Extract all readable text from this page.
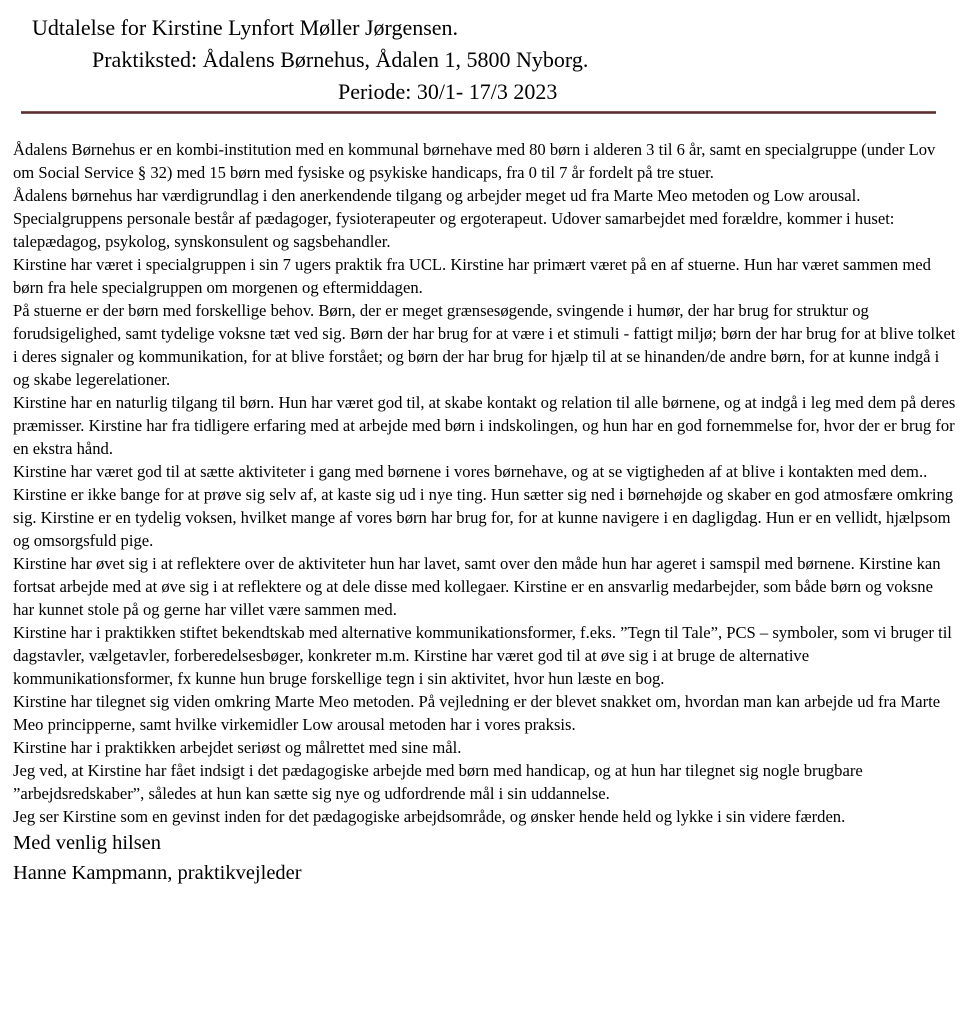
Udtalelse for Kirstine Lynfort Møller Jørgensen.
Praktiksted: Ådalens Børnehus, Ådalen 1, 5800 Nyborg.
Periode: 30/1- 17/3 2023

Ådalens Børnehus er en kombi-institution med en kommunal børnehave med 80 børn i alderen 3 til 6 år, samt en specialgruppe (under Lov om Social Service § 32) med 15 børn med fysiske og psykiske handicaps, fra 0 til 7 år fordelt på tre stuer.

Ådalens børnehus har værdigrundlag i den anerkendende tilgang og arbejder meget ud fra Marte Meo metoden og Low arousal.

Specialgruppens personale består af pædagoger, fysioterapeuter og ergoterapeut. Udover samarbejdet med forældre, kommer i huset: talepædagog, psykolog, synskonsulent og sagsbehandler.

Kirstine har været i specialgruppen i sin 7 ugers praktik fra UCL. Kirstine har primært været på en af stuerne. Hun har været sammen med børn fra hele specialgruppen om morgenen og eftermiddagen.

På stuerne er der børn med forskellige behov. Børn, der er meget grænsesøgende, svingende i humør, der har brug for struktur og forudsigelighed, samt tydelige voksne tæt ved sig. Børn der har brug for at være i et stimuli - fattigt miljø; børn der har brug for at blive tolket i deres signaler og kommunikation, for at blive forstået; og børn der har brug for hjælp til at se hinanden/de andre børn, for at kunne indgå i og skabe legerelationer.

Kirstine har en naturlig tilgang til børn. Hun har været god til, at skabe kontakt og relation til alle børnene, og at indgå i leg med dem på deres præmisser. Kirstine har fra tidligere erfaring med at arbejde med børn i indskolingen, og hun har en god fornemmelse for, hvor der er brug for en ekstra hånd.

Kirstine har været god til at sætte aktiviteter i gang med børnene i vores børnehave, og at se vigtigheden af at blive i kontakten med dem..

Kirstine er ikke bange for at prøve sig selv af, at kaste sig ud i nye ting. Hun sætter sig ned i børnehøjde og skaber en god atmosfære omkring sig. Kirstine er en tydelig voksen, hvilket mange af vores børn har brug for, for at kunne navigere i en dagligdag. Hun er en vellidt, hjælpsom og omsorgsfuld pige.

Kirstine har øvet sig i at reflektere over de aktiviteter hun har lavet, samt over den måde hun har ageret i samspil med børnene. Kirstine kan fortsat arbejde med at øve sig i at reflektere og at dele disse med kollegaer. Kirstine er en ansvarlig medarbejder, som både børn og voksne har kunnet stole på og gerne har villet være sammen med.

Kirstine har i praktikken stiftet bekendtskab med alternative kommunikationsformer, f.eks. ”Tegn til Tale”, PCS – symboler, som vi bruger til dagstavler, vælgetavler, forberedelsesbøger, konkreter m.m. Kirstine har været god til at øve sig i at bruge de alternative kommunikationsformer, fx kunne hun bruge forskellige tegn i sin aktivitet, hvor hun læste en bog.

Kirstine har tilegnet sig viden omkring Marte Meo metoden. På vejledning er der blevet snakket om, hvordan man kan arbejde ud fra Marte Meo principperne, samt hvilke virkemidler Low arousal metoden har i vores praksis.

Kirstine har i praktikken arbejdet seriøst og målrettet med sine mål.

Jeg ved, at Kirstine har fået indsigt i det pædagogiske arbejde med børn med handicap, og at hun har tilegnet sig nogle brugbare ”arbejdsredskaber”, således at hun kan sætte sig nye og udfordrende mål i sin uddannelse.

Jeg ser Kirstine som en gevinst inden for det pædagogiske arbejdsområde, og ønsker hende held og lykke i sin videre færden.

Med venlig hilsen
Hanne Kampmann, praktikvejleder
